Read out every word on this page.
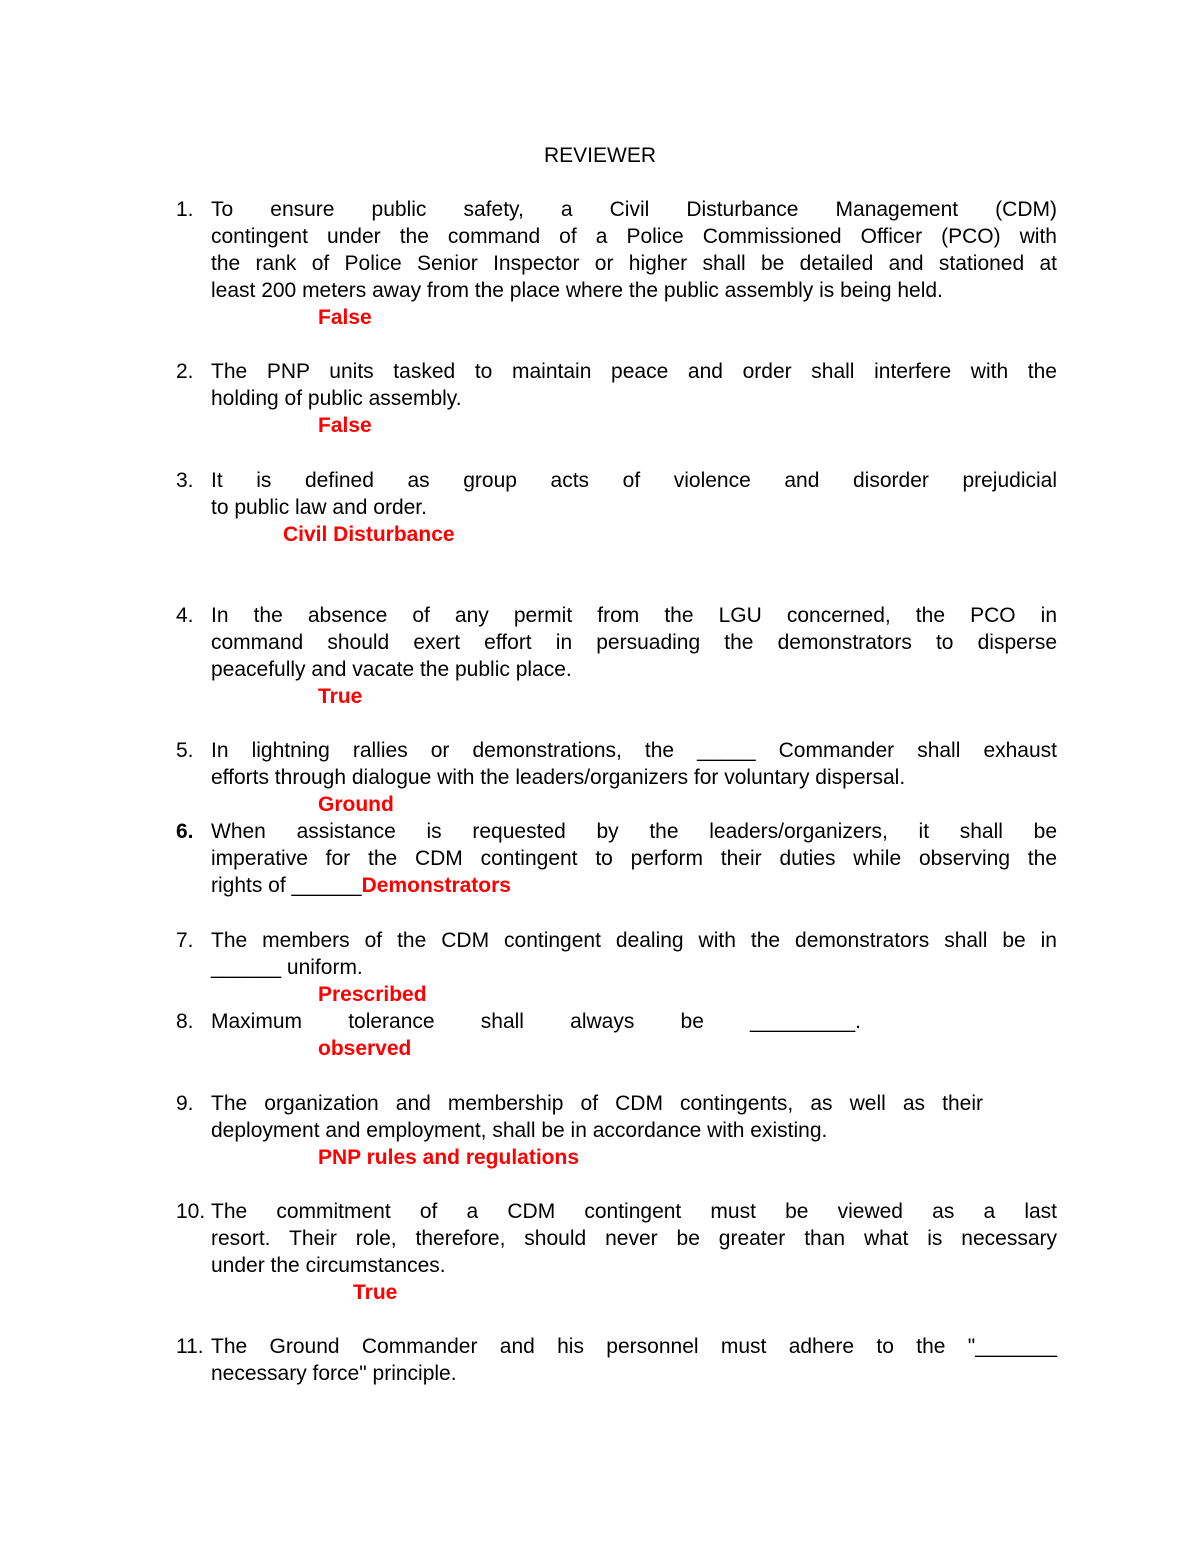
REVIEWER
1. To ensure public safety, a Civil Disturbance Management (CDM)
contingent under the command of a Police Commissioned Officer (PCO) with
the rank of Police Senior Inspector or higher shall be detailed and stationed at
least 200 meters away from the place where the public assembly is being held.
False
2. The PNP units tasked to maintain peace and order shall interfere with the
holding of public assembly.
False
3. It is defined as group acts of violence and disorder prejudicial
to public law and order.
Civil Disturbance
4. In the absence of any permit from the LGU concerned, the PCO in
command should exert effort in persuading the demonstrators to disperse
peacefully and vacate the public place.
True
5. In lightning rallies or demonstrations, the _____ Commander shall exhaust
efforts through dialogue with the leaders/organizers for voluntary dispersal.
Ground
6. When assistance is requested by the leaders/organizers, it shall be
imperative for the CDM contingent to perform their duties while observing the
rights of ______Demonstrators
7. The members of the CDM contingent dealing with the demonstrators shall be in
______ uniform.
Prescribed
8. Maximum tolerance shall always be _________.
observed
9. The organization and membership of CDM contingents, as well as their
deployment and employment, shall be in accordance with existing.
PNP rules and regulations
10. The commitment of a CDM contingent must be viewed as a last
resort. Their role, therefore, should never be greater than what is necessary
under the circumstances.
True
11. The Ground Commander and his personnel must adhere to the "_______
necessary force" principle.
